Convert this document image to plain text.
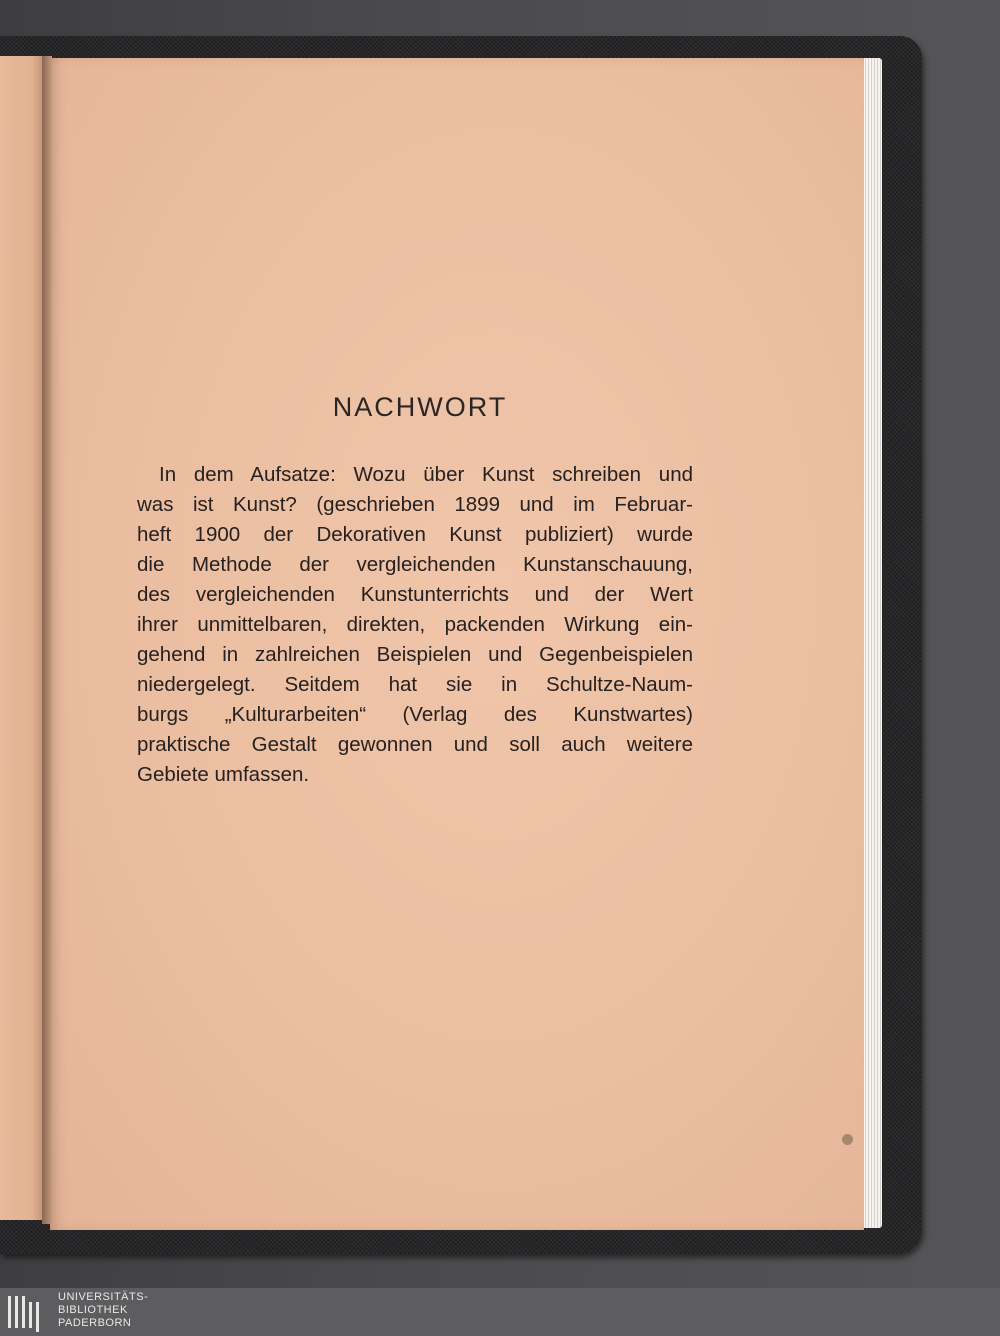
NACHWORT
In dem Aufsatze: Wozu über Kunst schreiben und
was ist Kunst? (geschrieben 1899 und im Februar-
heft 1900 der Dekorativen Kunst publiziert) wurde
die Methode der vergleichenden Kunstanschauung,
des vergleichenden Kunstunterrichts und der Wert
ihrer unmittelbaren, direkten, packenden Wirkung ein-
gehend in zahlreichen Beispielen und Gegenbeispielen
niedergelegt. Seitdem hat sie in Schultze-Naum-
burgs „Kulturarbeiten“ (Verlag des Kunstwartes)
praktische Gestalt gewonnen und soll auch weitere
Gebiete umfassen.
UNIVERSITÄTS-
BIBLIOTHEK
PADERBORN
